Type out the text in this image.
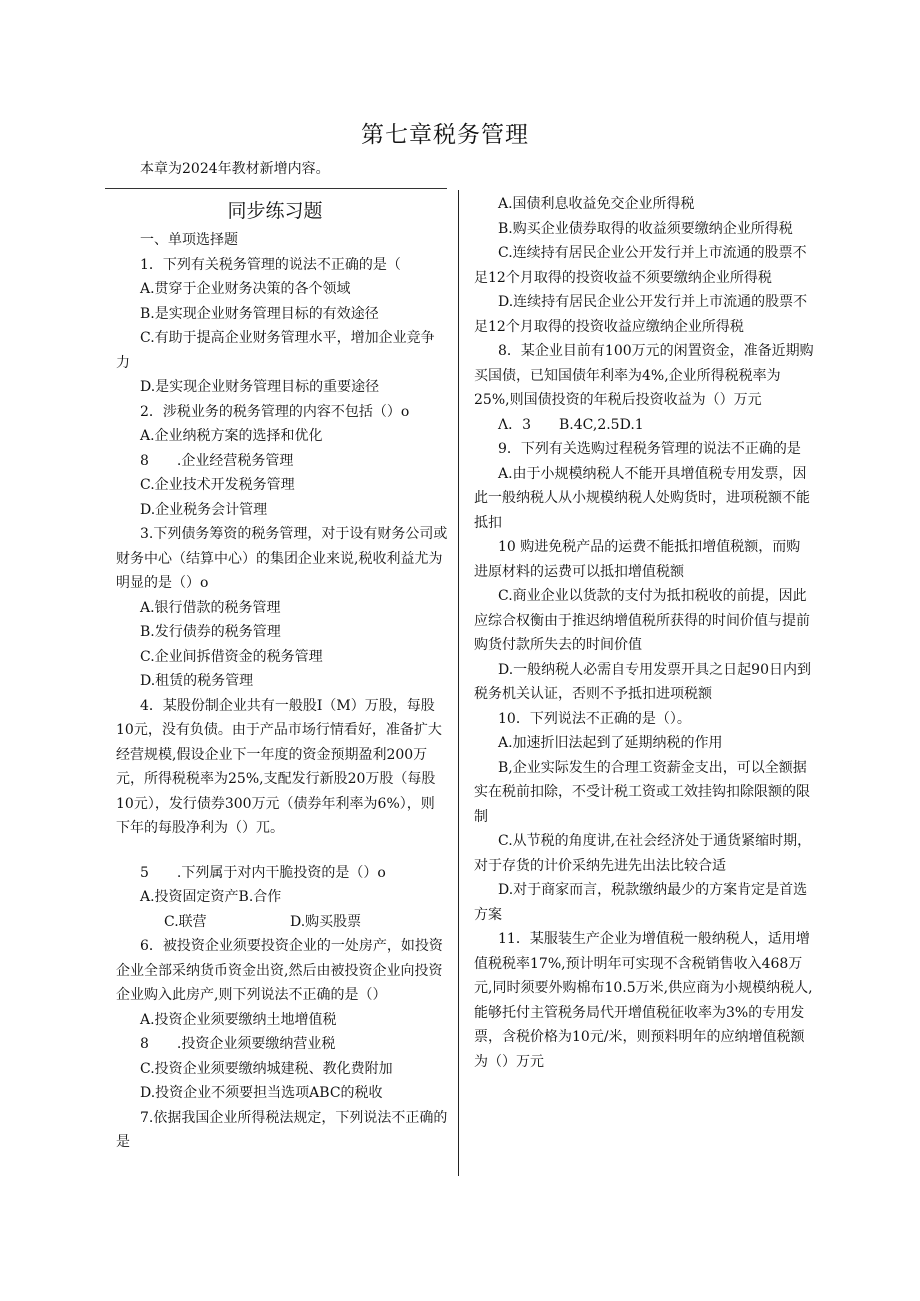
第七章税务管理
本章为2024年教材新增内容。

同步练习题

一、单项选择题

1．下列有关税务管理的说法不正确的是（

A.贯穿于企业财务决策的各个领域

B.是实现企业财务管理目标的有效途径

C.有助于提高企业财务管理水平，增加企业竞争力

D.是实现企业财务管理目标的重要途径

2．涉税业务的税务管理的内容不包括（）o

A.企业纳税方案的选择和优化

8　　.企业经营税务管理

C.企业技术开发税务管理

D.企业税务会计管理

3.下列债务筹资的税务管理，对于设有财务公司或财务中心（结算中心）的集团企业来说,税收利益尤为明显的是（）o

A.银行借款的税务管理

B.发行债券的税务管理

C.企业间拆借资金的税务管理

D.租赁的税务管理

4．某股份制企业共有一般股I（M）万股，每股10元，没有负债。由于产品市场行情看好，准备扩大经营规模,假设企业下一年度的资金预期盈利200万元，所得税税率为25%,支配发行新股20万股（每股10元），发行债券300万元（债券年利率为6%），则下年的每股净利为（）兀。

5　　.下列属于对内干脆投资的是（）o

A.投资固定资产B.合作

C.联营	D.购买股票

6．被投资企业须要投资企业的一处房产，如投资企业全部采纳货币资金出资,然后由被投资企业向投资企业购入此房产,则下列说法不正确的是（）

A.投资企业须要缴纳土地增值税

8　　.投资企业须要缴纳营业税

C.投资企业须要缴纳城建税、教化费附加

D.投资企业不须要担当选项ABC的税收

7.依据我国企业所得税法规定，下列说法不正确的是

A.国债利息收益免交企业所得税

B.购买企业债券取得的收益须要缴纳企业所得税

C.连续持有居民企业公开发行并上市流通的股票不足12个月取得的投资收益不须要缴纳企业所得税

D.连续持有居民企业公开发行并上市流通的股票不足12个月取得的投资收益应缴纳企业所得税

8．某企业目前有100万元的闲置资金，准备近期购买国债，已知国债年利率为4%,企业所得税税率为25%,则国债投资的年税后投资收益为（）万元

Λ．3　　B.4C,2.5D.1

9．下列有关选购过程税务管理的说法不正确的是

A.由于小规模纳税人不能开具增值税专用发票，因此一般纳税人从小规模纳税人处购货时，进项税额不能抵扣

10 购进免税产品的运费不能抵扣增值税额，而购进原材料的运费可以抵扣增值税额

C.商业企业以货款的支付为抵扣税收的前提，因此应综合权衡由于推迟纳增值税所获得的时间价值与提前购货付款所失去的时间价值

D.一般纳税人必需自专用发票开具之日起90日内到税务机关认证，否则不予抵扣进项税额

10．下列说法不正确的是（）。

A.加速折旧法起到了延期纳税的作用

B,企业实际发生的合理工资薪金支出，可以全额据实在税前扣除，不受计税工资或工效挂钩扣除限额的限制

C.从节税的角度讲,在社会经济处于通货紧缩时期，对于存货的计价采纳先进先出法比较合适

D.对于商家而言，税款缴纳最少的方案肯定是首选方案

11．某服装生产企业为增值税一般纳税人，适用增值税税率17%,预计明年可实现不含税销售收入468万元,同时须要外购棉布10.5万米,供应商为小规模纳税人,能够托付主管税务局代开增值税征收率为3%的专用发票，含税价格为10元/米，则预料明年的应纳增值税额为（）万元
